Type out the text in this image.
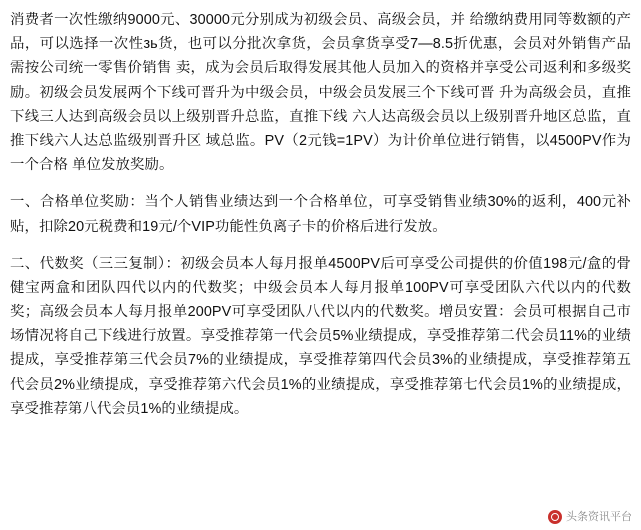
消费者一次性缴纳9000元、30000元分别成为初级会员、高级会员，并 给缴纳费用同等数额的产品，可以选择一次性зь货，也可以分批次拿货，会员拿货享受7—8.5折优惠，会员对外销售产品需按公司统一零售价销售 卖，成为会员后取得发展其他人员加入的资格并享受公司返利和多级奖励。初级会员发展两个下线可晋升为中级会员，中级会员发展三个下线可晋 升为高级会员，直推下线三人达到高级会员以上级别晋升总监，直推下线 六人达高级会员以上级别晋升地区总监，直推下线六人达总监级别晋升区 域总监。PV（2元钱=1PV）为计价单位进行销售，以4500PV作为一个合格 单位发放奖励。

一、合格单位奖励：当个人销售业绩达到一个合格单位，可享受销售业绩30%的返利，400元补贴，扣除20元税费和19元/个VIP功能性负离子卡的价格后进行发放。

二、代数奖（三三复制）：初级会员本人每月报单4500PV后可享受公司提供的价值198元/盒的骨健宝两盒和团队四代以内的代数奖；中级会员本人每月报单100PV可享受团队六代以内的代数奖；高级会员本人每月报单200PV可享受团队八代以内的代数奖。增员安置：会员可根据自己市场情况将自己下线进行放置。享受推荐第一代会员5%业绩提成，享受推荐第二代会员11%的业绩提成，享受推荐第三代会员7%的业绩提成，享受推荐第四代会员3%的业绩提成，享受推荐第五代会员2%业绩提成，享受推荐第六代会员1%的业绩提成，享受推荐第七代会员1%的业绩提成，享受推荐第八代会员1%的业绩提成。

头条资讯平台
